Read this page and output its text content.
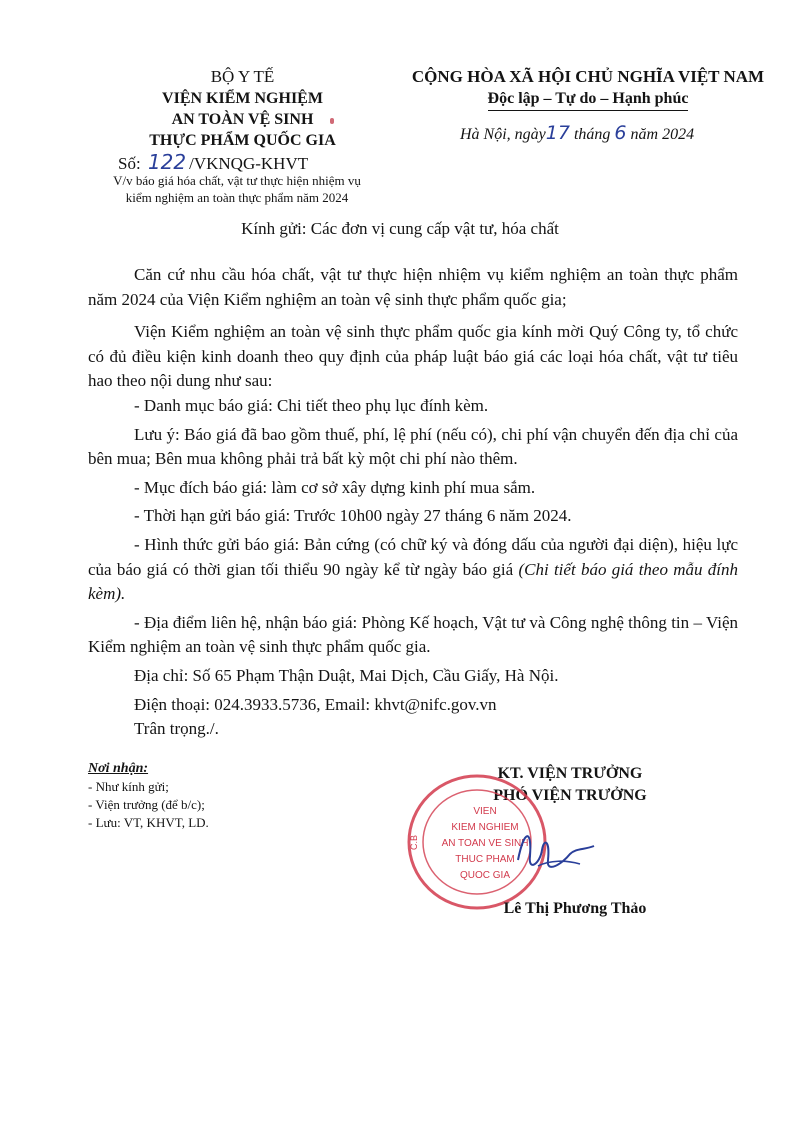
BỘ Y TẾ
VIỆN KIỂM NGHIỆM
AN TOÀN VỆ SINH
THỰC PHẨM QUỐC GIA
Số: 122 /VKNQG-KHVT
V/v báo giá hóa chất, vật tư thực hiện nhiệm vụ
kiểm nghiệm an toàn thực phẩm năm 2024
CỘNG HÒA XÃ HỘI CHỦ NGHĨA VIỆT NAM
Độc lập – Tự do – Hạnh phúc
Hà Nội, ngày17 tháng 6 năm 2024
Kính gửi: Các đơn vị cung cấp vật tư, hóa chất

Căn cứ nhu cầu hóa chất, vật tư thực hiện nhiệm vụ kiểm nghiệm an toàn thực phẩm năm 2024 của Viện Kiểm nghiệm an toàn vệ sinh thực phẩm quốc gia;

Viện Kiểm nghiệm an toàn vệ sinh thực phẩm quốc gia kính mời Quý Công ty, tổ chức có đủ điều kiện kinh doanh theo quy định của pháp luật báo giá các loại hóa chất, vật tư tiêu hao theo nội dung như sau:

- Danh mục báo giá: Chi tiết theo phụ lục đính kèm.

Lưu ý: Báo giá đã bao gồm thuế, phí, lệ phí (nếu có), chi phí vận chuyển đến địa chỉ của bên mua; Bên mua không phải trả bất kỳ một chi phí nào thêm.

- Mục đích báo giá: làm cơ sở xây dựng kinh phí mua sắm.

- Thời hạn gửi báo giá: Trước 10h00 ngày 27 tháng 6 năm 2024.

- Hình thức gửi báo giá: Bản cứng (có chữ ký và đóng dấu của người đại diện), hiệu lực của báo giá có thời gian tối thiểu 90 ngày kể từ ngày báo giá (Chi tiết báo giá theo mẫu đính kèm).

- Địa điểm liên hệ, nhận báo giá: Phòng Kế hoạch, Vật tư và Công nghệ thông tin – Viện Kiểm nghiệm an toàn vệ sinh thực phẩm quốc gia.

Địa chỉ: Số 65 Phạm Thận Duật, Mai Dịch, Cầu Giấy, Hà Nội.

Điện thoại: 024.3933.5736, Email: khvt@nifc.gov.vn

Trân trọng./.

Nơi nhận:
- Như kính gửi;
- Viện trưởng (để b/c);
- Lưu: VT, KHVT, LD.
KT. VIỆN TRƯỞNG
PHÓ VIỆN TRƯỞNG
C.B
VIEN
KIEM NGHIEM
AN TOAN VE SINH
THUC PHAM
QUOC GIA
Lê Thị Phương Thảo
